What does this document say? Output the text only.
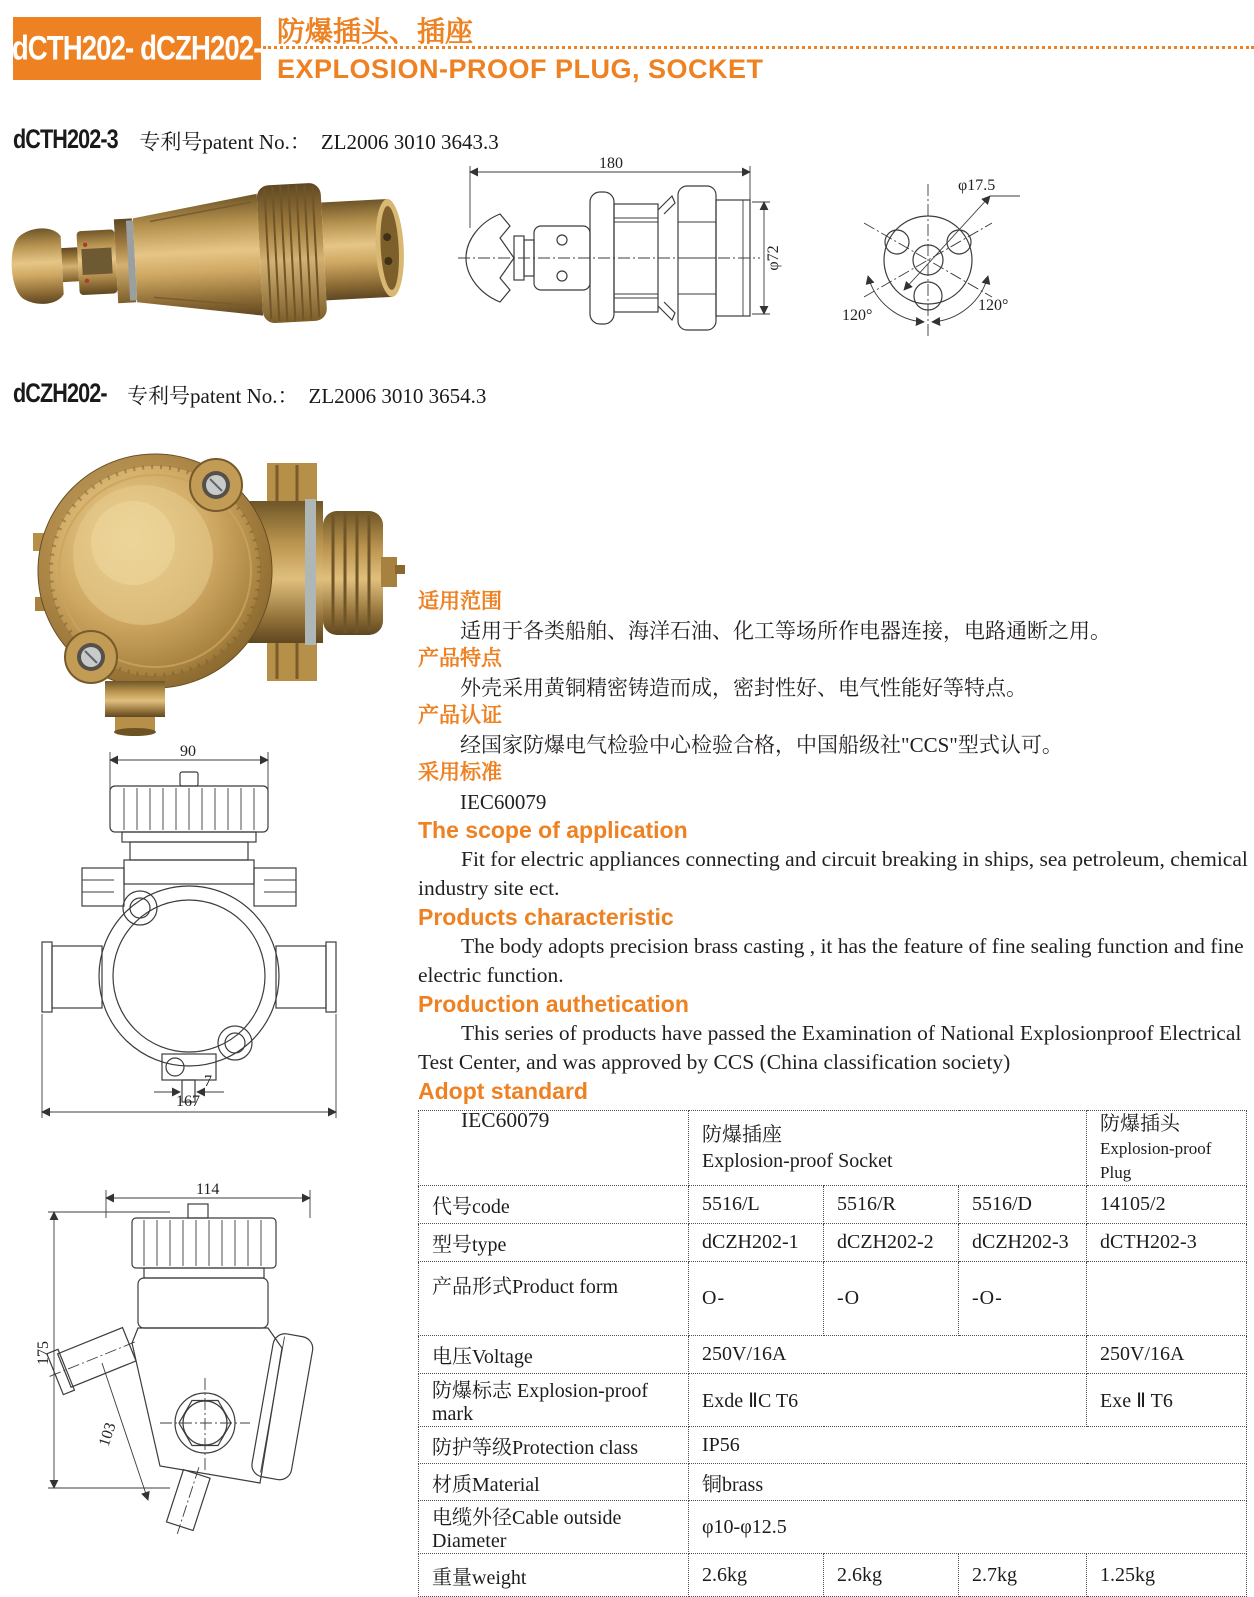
dCTH202- dCZH202- 防爆插头、插座
EXPLOSION-PROOF PLUG, SOCKET
dCTH202-3 专利号patent No.： ZL2006 3010 3643.3
180
φ72
φ17.5
120°
120°
dCZH202- 专利号patent No.： ZL2006 3010 3654.3

适用范围

适用于各类船舶、海洋石油、化工等场所作电器连接，电路通断之用。

产品特点

外壳采用黄铜精密铸造而成，密封性好、电气性能好等特点。

产品认证

经国家防爆电气检验中心检验合格，中国船级社"CCS"型式认可。

采用标准

IEC60079

The scope of application

Fit for electric appliances connecting and circuit breaking in ships, sea petroleum, chemical industry site ect.

Products characteristic

The body adopts precision brass casting , it has the feature of fine sealing function and fine electric function.

Production authetication

This series of products have passed the Examination of National Explosionproof Electrical Test Center, and was approved by CCS (China classification society)

Adopt standard

IEC60079

90
7
167
114
175
103

	防爆插座
Explosion-proof Socket			防爆插头
Explosion-proof Plug

代号code	5516/L	5516/R	5516/D	14105/2
型号type	dCZH202-1	dCZH202-2	dCZH202-3	dCTH202-3
产品形式Product form	O-	-O	-O-	
电压Voltage	250V/16A			250V/16A
防爆标志 Explosion-proof mark	Exde ⅡC T6			Exe Ⅱ T6
防护等级Protection class	IP56			
材质Material	铜brass			
电缆外径Cable outside Diameter	φ10-φ12.5			
重量weight	2.6kg	2.6kg	2.7kg	1.25kg
